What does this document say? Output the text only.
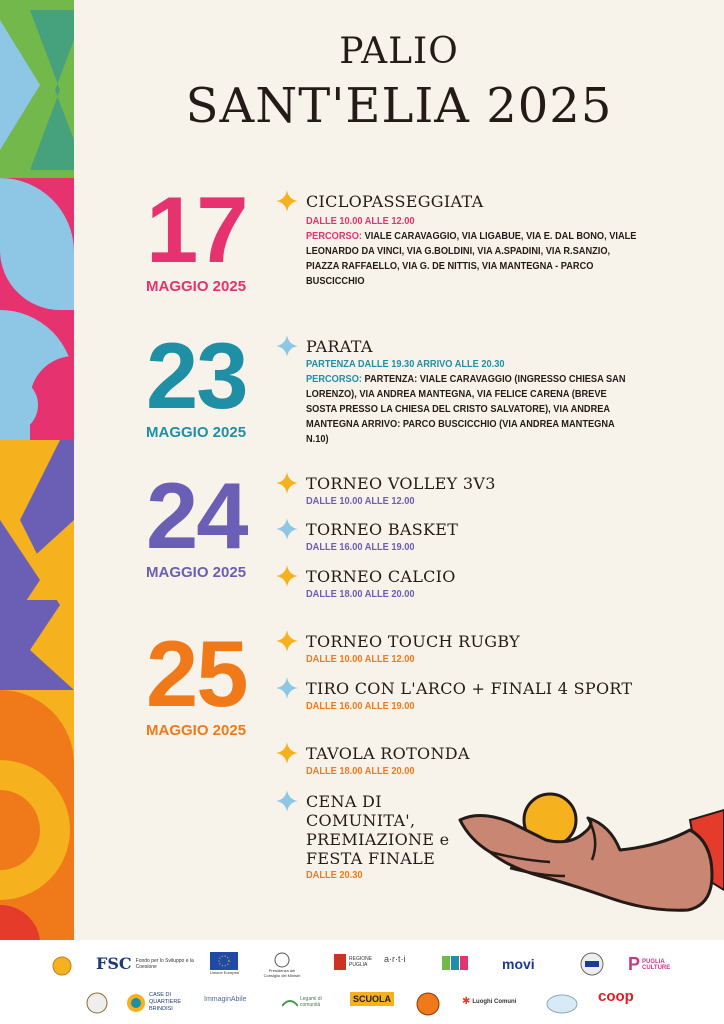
PALIO
SANT'ELIA 2025
17
MAGGIO 2025
CICLOPASSEGGIATA
DALLE 10.00 ALLE 12.00
PERCORSO: VIALE CARAVAGGIO, VIA LIGABUE, VIA E. DAL BONO, VIALE LEONARDO DA VINCI, VIA G.BOLDINI, VIA A.SPADINI, VIA R.SANZIO, PIAZZA RAFFAELLO, VIA G. DE NITTIS, VIA MANTEGNA - PARCO BUSCICCHIO
23
MAGGIO 2025
PARATA
PARTENZA DALLE 19.30 ARRIVO ALLE 20.30
PERCORSO: PARTENZA: VIALE CARAVAGGIO (INGRESSO CHIESA SAN LORENZO), VIA ANDREA MANTEGNA, VIA FELICE CARENA (BREVE SOSTA PRESSO LA CHIESA DEL CRISTO SALVATORE), VIA ANDREA MANTEGNA ARRIVO: PARCO BUSCICCHIO (VIA ANDREA MANTEGNA N.10)
24
MAGGIO 2025
TORNEO VOLLEY 3V3
DALLE 10.00 ALLE 12.00
TORNEO BASKET
DALLE 16.00 ALLE 19.00
TORNEO CALCIO
DALLE 18.00 ALLE 20.00
25
MAGGIO 2025
TORNEO TOUCH RUGBY
DALLE 10.00 ALLE 12.00
TIRO CON L'ARCO + FINALI 4 SPORT
DALLE 16.00 ALLE 19.00
TAVOLA ROTONDA
DALLE 18.00 ALLE 20.00
CENA DI COMUNITA', PREMIAZIONE e FESTA FINALE
DALLE 20.30
FSC Fondo per lo Sviluppo e la Coesione
Unione Europea	Presidenza del Consiglio dei Ministri
REGIONE PUGLIA
a·r·t·i	movi	P PUGLIA CULTURE
CASE DI QUARTIERE BRINDISI
ImmaginAbile	Legami di comunità
SCUOLA	✱ Luoghi Comuni	coop
